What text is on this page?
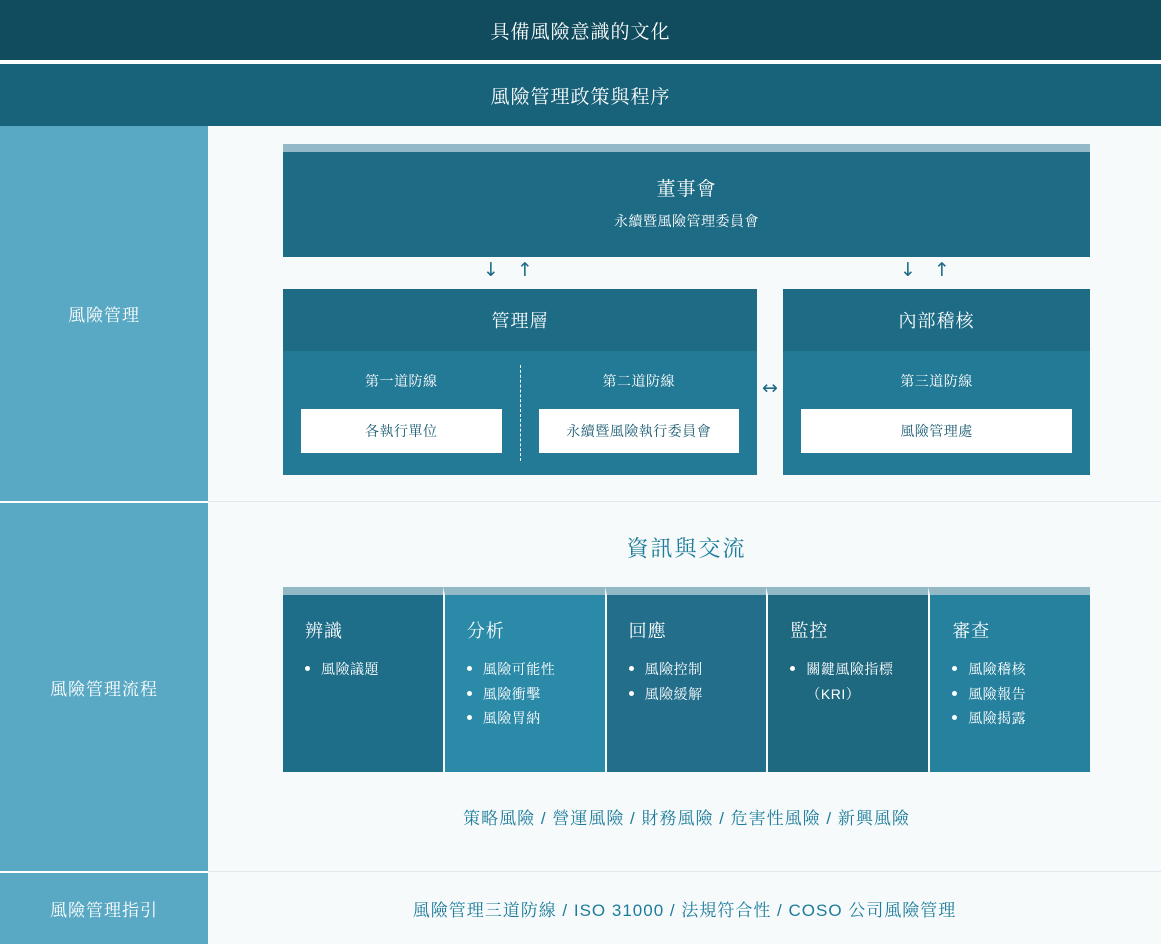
具備風險意識的文化
風險管理政策與程序
風險管理
董事會
永續暨風險管理委員會
↓ ↑	↓ ↑
管理層
第一道防線
各執行單位
第二道防線
永續暨風險執行委員會
↔
內部稽核
第三道防線
風險管理處
風險管理流程
資訊與交流
辨識
風險議題
分析
風險可能性
風險衝擊
風險胃納
回應
風險控制
風險緩解
監控
關鍵風險指標（KRI）
審查
風險稽核
風險報告
風險揭露
策略風險 / 營運風險 / 財務風險 / 危害性風險 / 新興風險
風險管理指引	風險管理三道防線 / ISO 31000 / 法規符合性 / COSO 公司風險管理
